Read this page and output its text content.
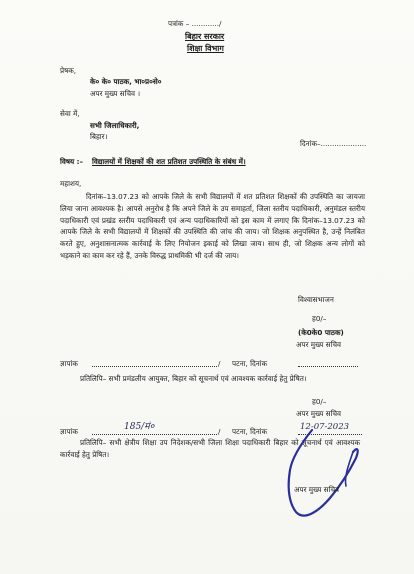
पत्रांक – ............/
बिहार सरकार
शिक्षा विभाग
प्रेषक,
के० के० पाठक, भा०प्र०से०
अपर मुख्य सचिव ।
सेवा में,
सभी जिलाधिकारी,
बिहार।
दिनांक–....................
विषय :– विद्यालयों में शिक्षकों की शत प्रतिशत उपस्थिति के संबंध में।
महाशय,
दिनांक–13.07.23 को आपके जिले के सभी विद्यालयों में शत प्रतिशत शिक्षकों की उपस्थिति का जायजा लिया जाना आवश्यक है। आपसे अनुरोध है कि अपने जिले के उप समाहर्ता, जिला स्तरीय पदाधिकारी, अनुमंडल स्तरीय पदाधिकारी एवं प्रखंड स्तरीय पदाधिकारी एवं अन्य पदाधिकारियों को इस काम में लगाए कि दिनांक–13.07.23 को आपके जिले के सभी विद्यालयों में शिक्षकों की उपस्थिति की जांच की जाय। जो शिक्षक अनुपस्थित है, उन्हें निलंबित करते हुए, अनुशासनात्मक कार्रवाई के लिए नियोजन इकाई को लिखा जाय। साथ ही, जो शिक्षक अन्य लोगों को भड़काने का काम कर रहे हैं, उनके विरुद्ध प्राथमिकी भी दर्ज की जाय।
विश्वासभाजन
ह0/–
(के0के0 पाठक)
अपर मुख्य सचिव
ज्ञापांक	/ पटना, दिनांक
प्रतिलिपि– सभी प्रमंडलीय आयुक्त, बिहार को सूचनार्थ एवं आवश्यक कार्रवाई हेतु प्रेषित।
ह0/–
अपर मुख्य सचिव
ज्ञापांक	185/मं०	/ पटना, दिनांक	12-07-2023
प्रतिलिपि– सभी क्षेत्रीय शिक्षा उप निदेशक/सभी जिला शिक्षा पदाधिकारी बिहार को सूचनार्थ एवं आवश्यक कार्रवाई हेतु प्रेषित।
अपर मुख्य सचिव
